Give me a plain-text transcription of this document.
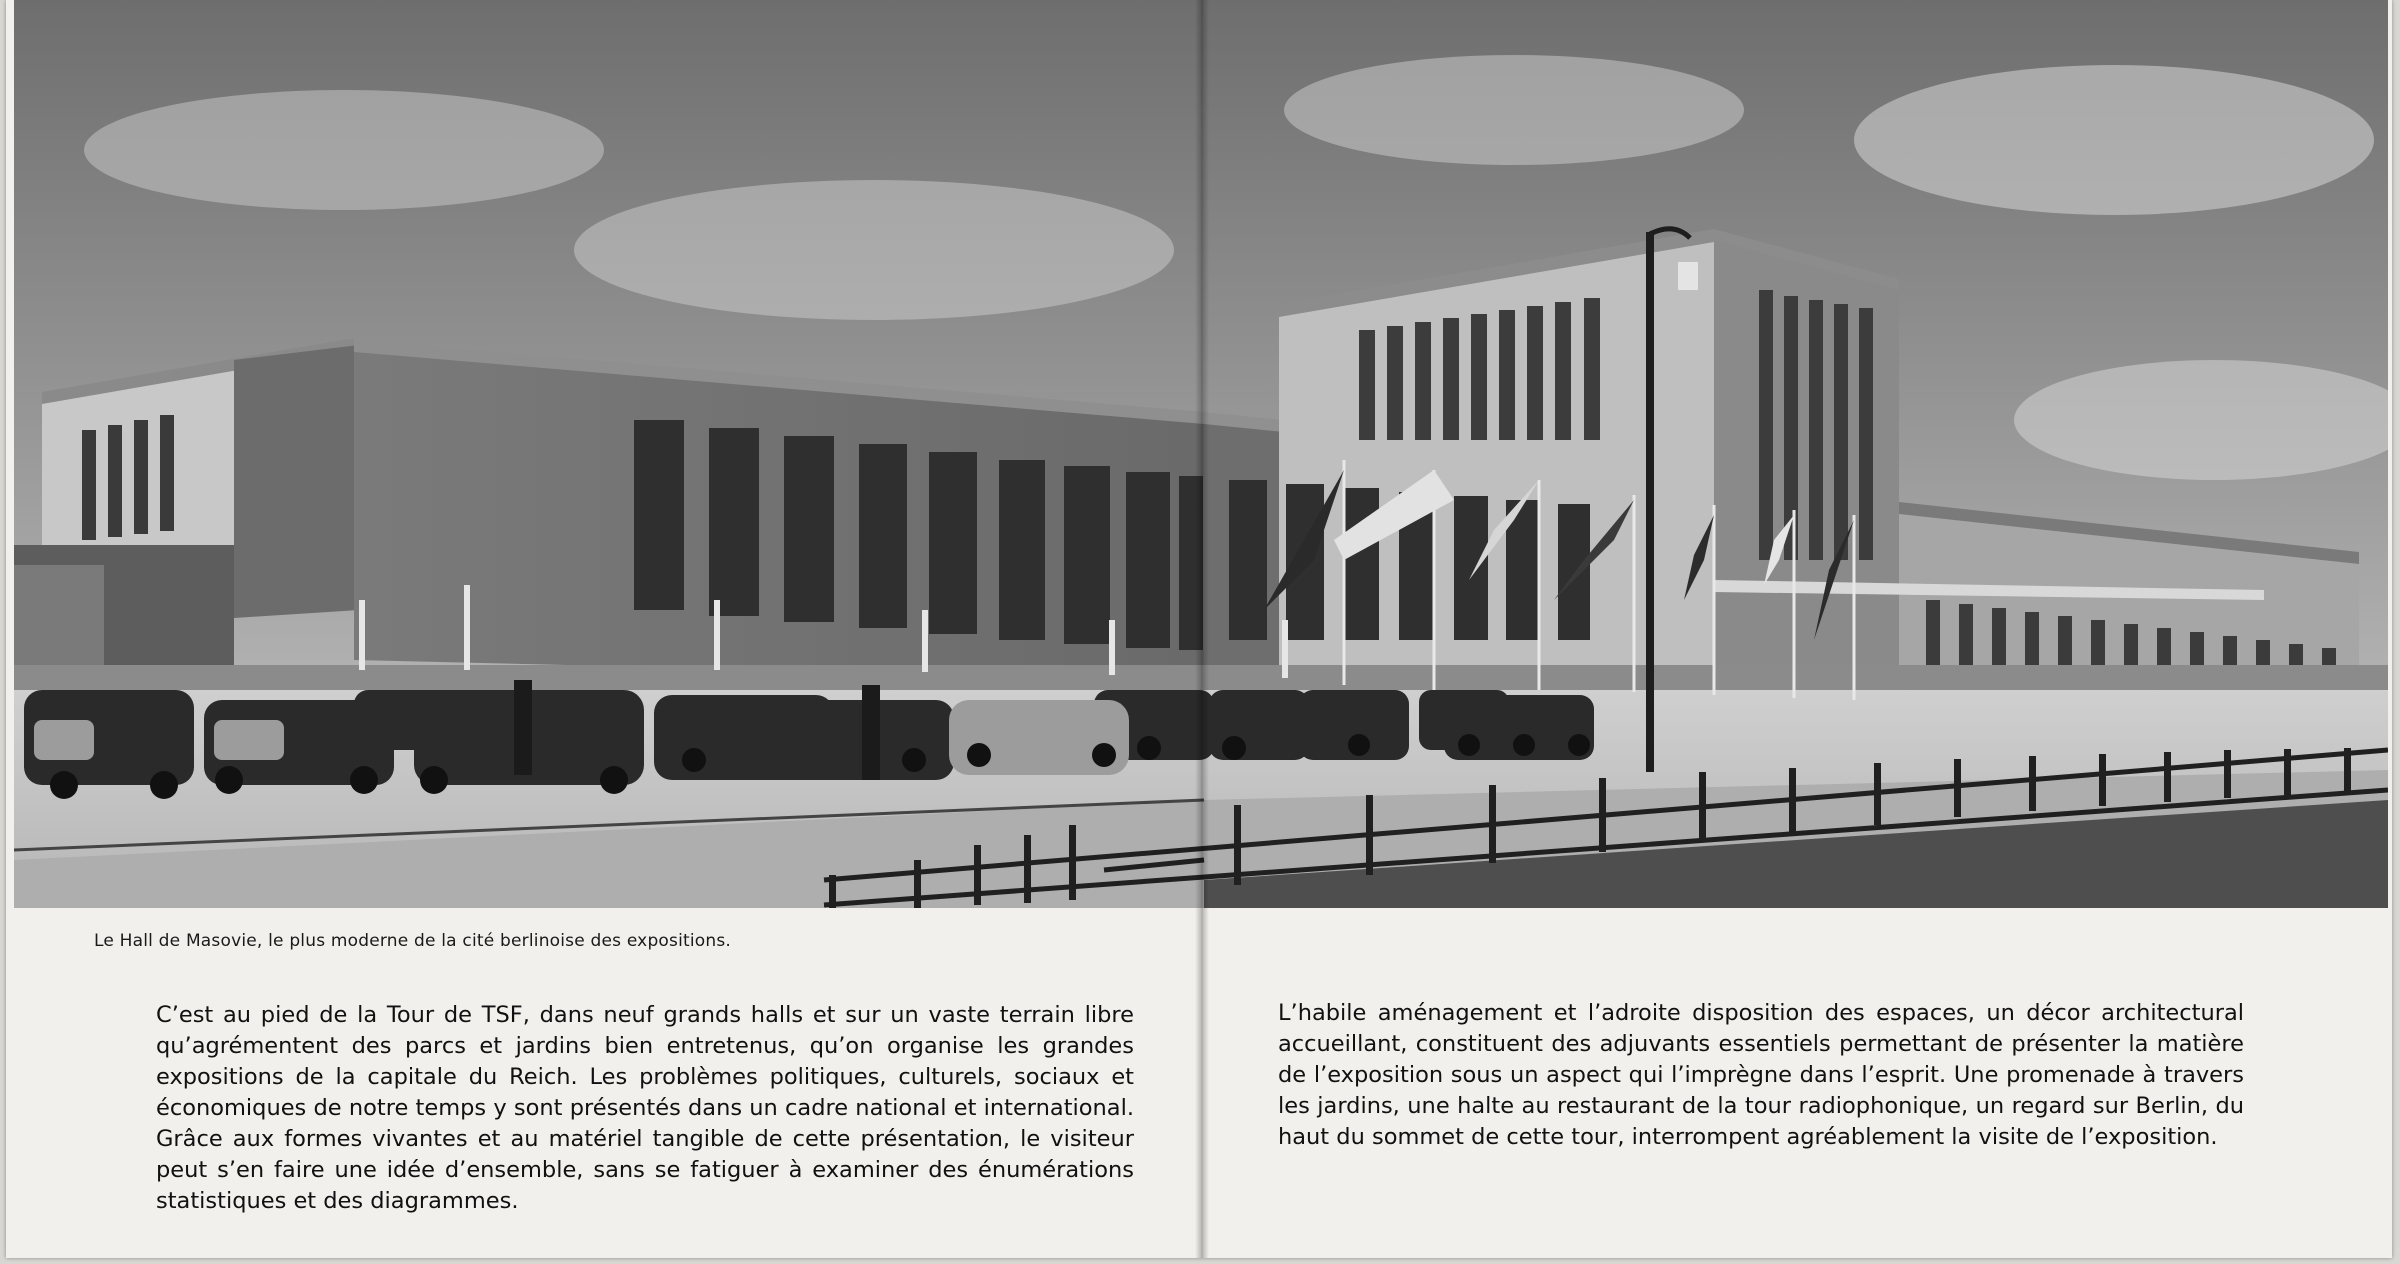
Le Hall de Masovie, le plus moderne de la cité berlinoise des expositions.
C’est au pied de la Tour de TSF, dans neuf grands halls et sur un vaste terrain libre qu’agrémentent des parcs et jardins bien entretenus, qu’on organise les grandes expositions de la capitale du Reich. Les problèmes politiques, culturels, sociaux et économiques de notre temps y sont présentés dans un cadre national et international. Grâce aux formes vivantes et au matériel tangible de cette présentation, le visiteur peut s’en faire une idée d’ensemble, sans se fatiguer à examiner des énumérations statistiques et des diagrammes.
L’habile aménagement et l’adroite disposition des espaces, un décor architectural accueillant, constituent des adjuvants essentiels permettant de présenter la matière de l’exposition sous un aspect qui l’imprègne dans l’esprit. Une promenade à travers les jardins, une halte au restaurant de la tour radiophonique, un regard sur Berlin, du haut du sommet de cette tour, interrompent agréablement la visite de l’exposition.
